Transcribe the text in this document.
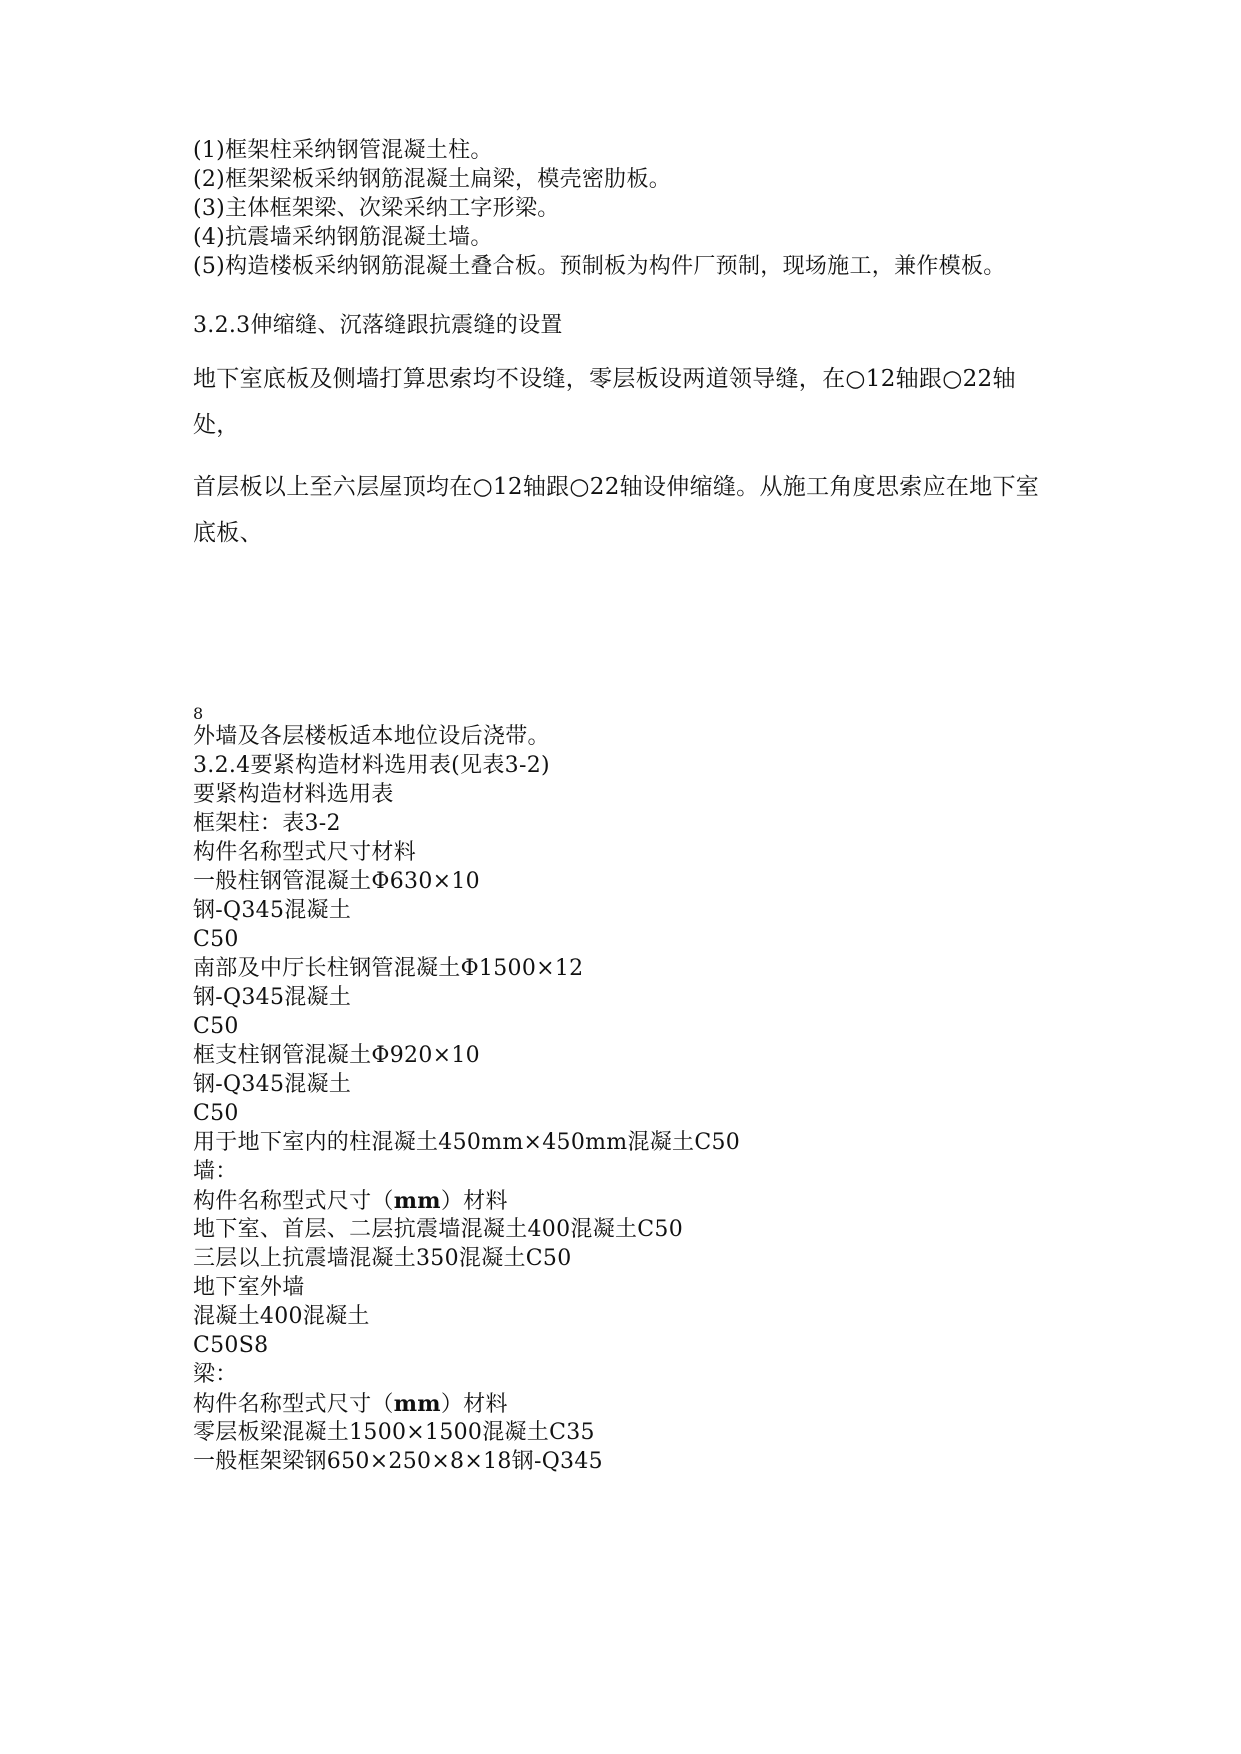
(1)框架柱采纳钢管混凝土柱。
(2)框架梁板采纳钢筋混凝土扁梁，模壳密肋板。
(3)主体框架梁、次梁采纳工字形梁。
(4)抗震墙采纳钢筋混凝土墙。
(5)构造楼板采纳钢筋混凝土叠合板。预制板为构件厂预制，现场施工，兼作模板。
3.2.3伸缩缝、沉落缝跟抗震缝的设置
地下室底板及侧墙打算思索均不设缝，零层板设两道领导缝，在○12轴跟○22轴处，
首层板以上至六层屋顶均在○12轴跟○22轴设伸缩缝。从施工角度思索应在地下室底板、
8
外墙及各层楼板适本地位设后浇带。
3.2.4要紧构造材料选用表(见表3-2)
要紧构造材料选用表
框架柱：表3-2
构件名称型式尺寸材料
一般柱钢管混凝土Φ630×10
钢-Q345混凝土
C50
南部及中厅长柱钢管混凝土Φ1500×12
钢-Q345混凝土
C50
框支柱钢管混凝土Φ920×10
钢-Q345混凝土
C50
用于地下室内的柱混凝土450mm×450mm混凝土C50
墙：
构件名称型式尺寸（mm）材料
地下室、首层、二层抗震墙混凝土400混凝土C50
三层以上抗震墙混凝土350混凝土C50
地下室外墙
混凝土400混凝土
C50S8
梁：
构件名称型式尺寸（mm）材料
零层板梁混凝土1500×1500混凝土C35
一般框架梁钢650×250×8×18钢-Q345
